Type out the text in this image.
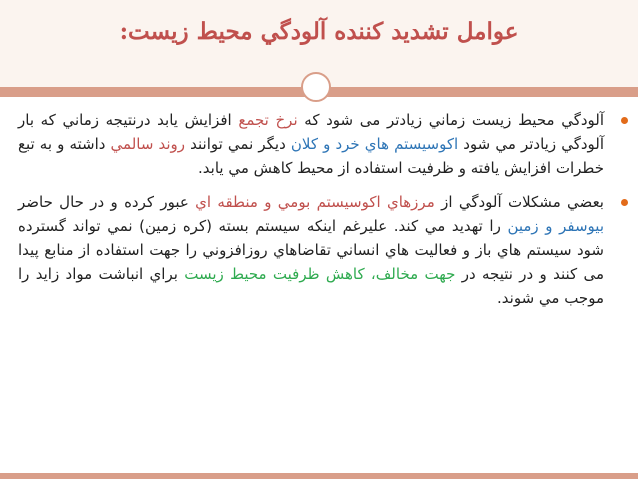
عوامل تشديد كننده آلودگي محيط زيست:
آلودگي محيط زيست زماني زيادتر مى شود كه نرخ تجمع افزايش يابد درنتيجه زماني كه بار آلودگي زيادتر مي شود اكوسيستم هاي خرد و كلان ديگر نمي توانند روند سالمي داشته و به تبع خطرات افزايش يافته و ظرفيت استفاده از محيط كاهش مي يابد.
بعضي مشكلات آلودگي از مرزهاي اكوسيستم بومي و منطقه اي عبور كرده و در حال حاضر بيوسفر و زمين را تهديد مي كند. عليرغم اينكه سيستم بسته (كره زمين) نمي تواند گسترده شود سيستم هاي باز و فعاليت هاي انساني تقاضاهاي روزافزوني را جهت استفاده از منابع پيدا مى كنند و در نتيجه در جهت مخالف، كاهش ظرفيت محيط زيست براي انباشت مواد زايد را موجب مي شوند.
